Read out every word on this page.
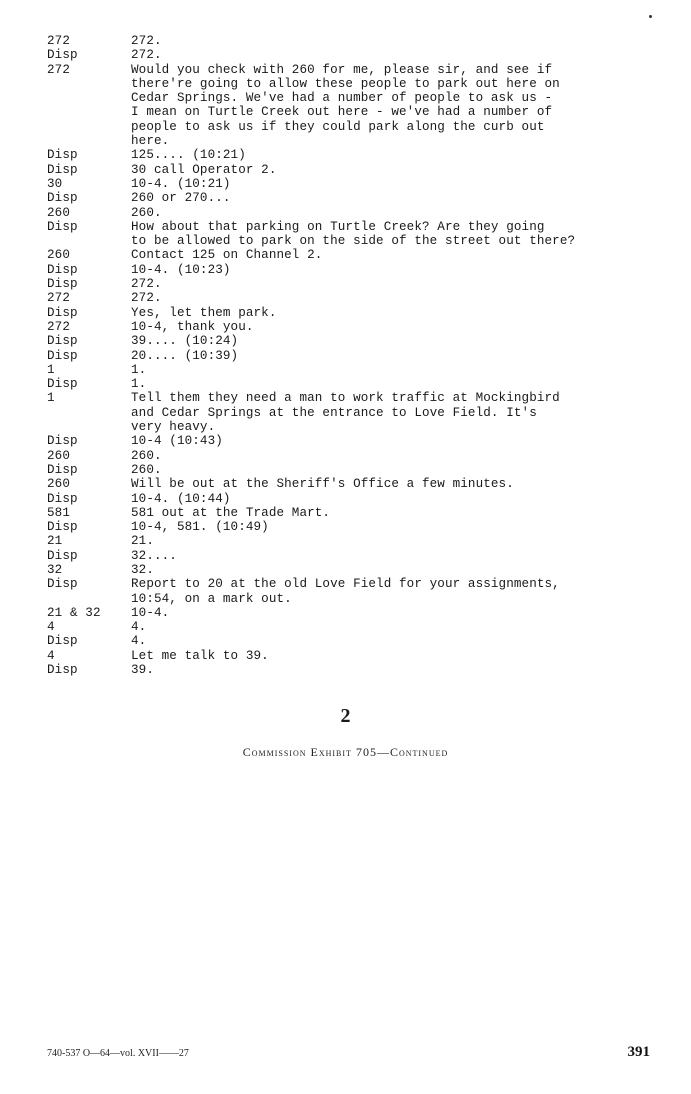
272	272.
Disp	272.
272	Would you check with 260 for me, please sir, and see if
there're going to allow these people to park out here on
Cedar Springs. We've had a number of people to ask us -
I mean on Turtle Creek out here - we've had a number of
people to ask us if they could park along the curb out
here.
Disp	125.... (10:21)
Disp	30 call Operator 2.
30	10-4. (10:21)
Disp	260 or 270...
260	260.
Disp	How about that parking on Turtle Creek? Are they going
to be allowed to park on the side of the street out there?
260	Contact 125 on Channel 2.
Disp	10-4. (10:23)
Disp	272.
272	272.
Disp	Yes, let them park.
272	10-4, thank you.
Disp	39.... (10:24)
Disp	20.... (10:39)
1	1.
Disp	1.
1	Tell them they need a man to work traffic at Mockingbird
and Cedar Springs at the entrance to Love Field. It's
very heavy.
Disp	10-4 (10:43)
260	260.
Disp	260.
260	Will be out at the Sheriff's Office a few minutes.
Disp	10-4. (10:44)
581	581 out at the Trade Mart.
Disp	10-4, 581. (10:49)
21	21.
Disp	32....
32	32.
Disp	Report to 20 at the old Love Field for your assignments,
10:54, on a mark out.
21 & 32	10-4.
4	4.
Disp	4.
4	Let me talk to 39.
Disp	39.
2
Commission Exhibit 705—Continued
740-537 O—64—vol. XVII——27	391
